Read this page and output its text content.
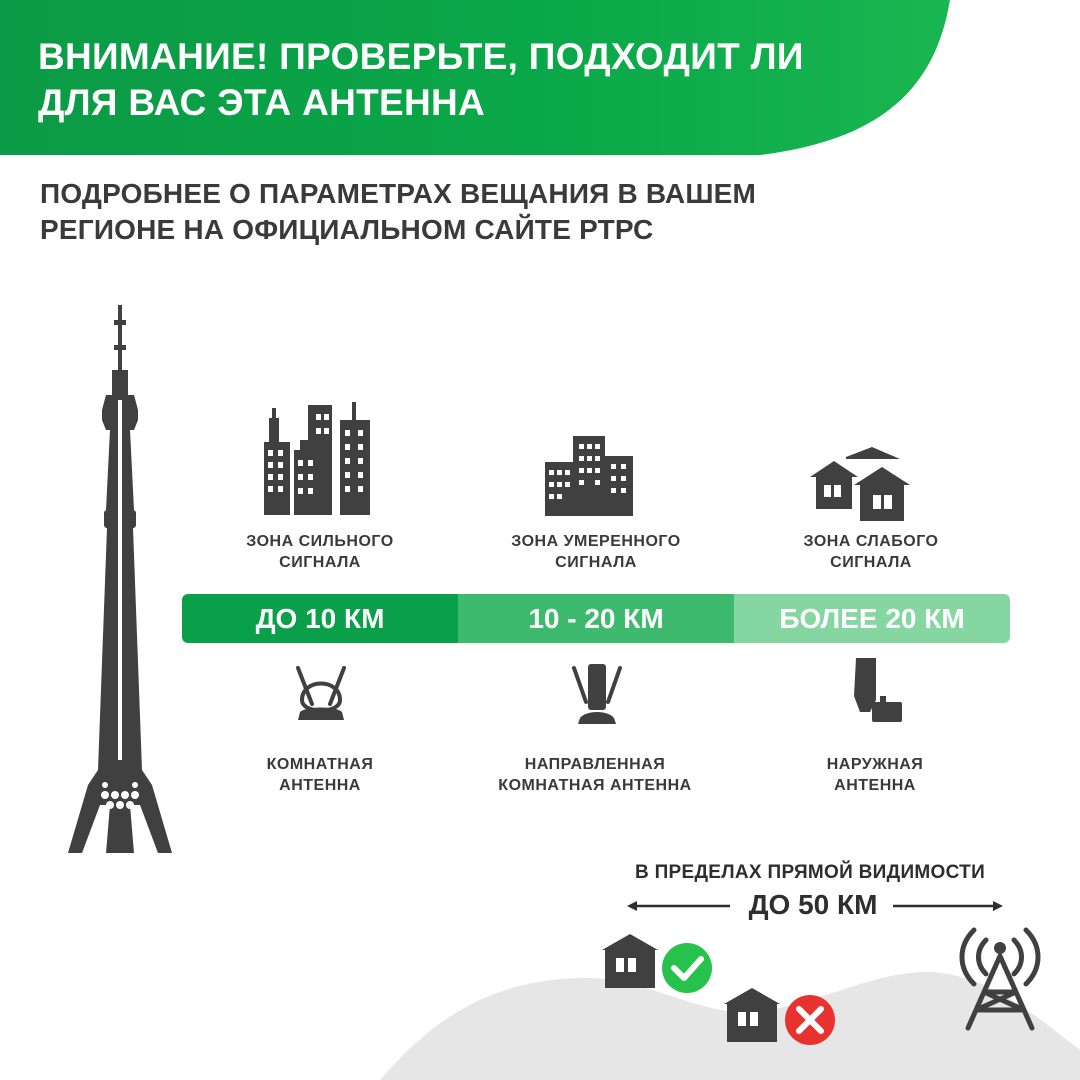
ВНИМАНИЕ! ПРОВЕРЬТЕ, ПОДХОДИТ ЛИ
ДЛЯ ВАС ЭТА АНТЕННА
ПОДРОБНЕЕ О ПАРАМЕТРАХ ВЕЩАНИЯ В ВАШЕМ
РЕГИОНЕ НА ОФИЦИАЛЬНОМ САЙТЕ РТРС
ЗОНА СИЛЬНОГО
СИГНАЛА
ЗОНА УМЕРЕННОГО
СИГНАЛА
ЗОНА СЛАБОГО
СИГНАЛА
ДО 10 КМ	10 - 20 КМ	БОЛЕЕ 20 КМ
КОМНАТНАЯ
АНТЕННА
НАПРАВЛЕННАЯ
КОМНАТНАЯ АНТЕННА
НАРУЖНАЯ
АНТЕННА
В ПРЕДЕЛАХ ПРЯМОЙ ВИДИМОСТИ
ДО 50 КМ
